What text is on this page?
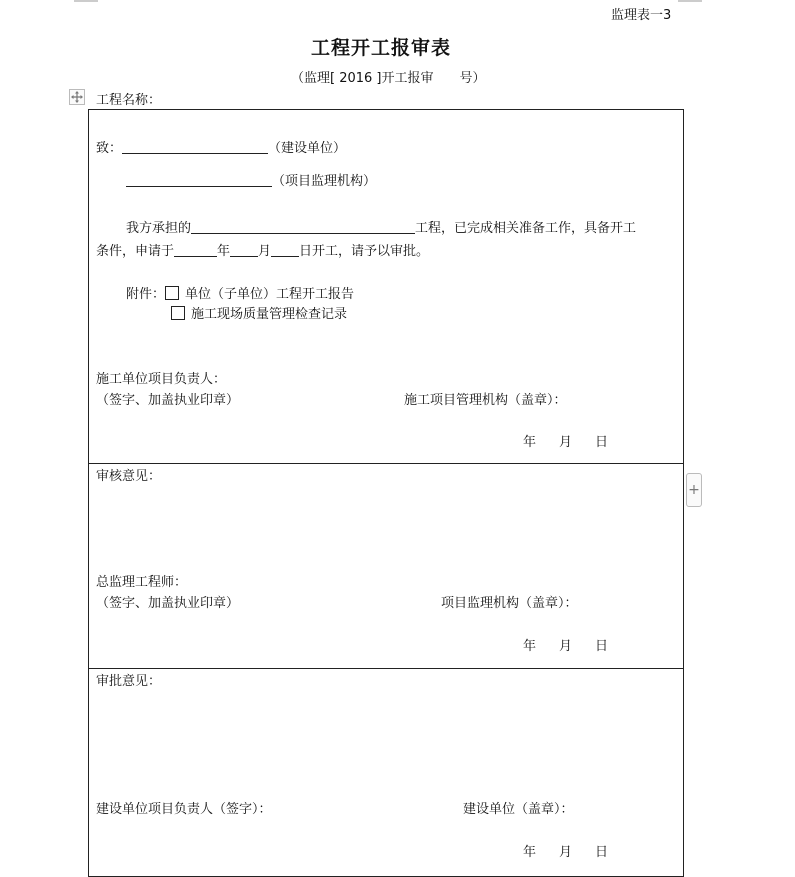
监理表一3
工程开工报审表
（监理[ 2016 ]开工报审　　号）
工程名称：
+
致：	（建设单位）
（项目监理机构）
我方承担的	工程，已完成相关准备工作，具备开工
条件，申请于	年 月 日开工，请予以审批。
附件： 单位（子单位）工程开工报告
施工现场质量管理检查记录
施工单位项目负责人：
（签字、加盖执业印章）	施工项目管理机构（盖章）：
年 月 日
审核意见：
总监理工程师：
（签字、加盖执业印章）	项目监理机构（盖章）：
年 月 日
审批意见：
建设单位项目负责人（签字）：	建设单位（盖章）：
年 月 日
